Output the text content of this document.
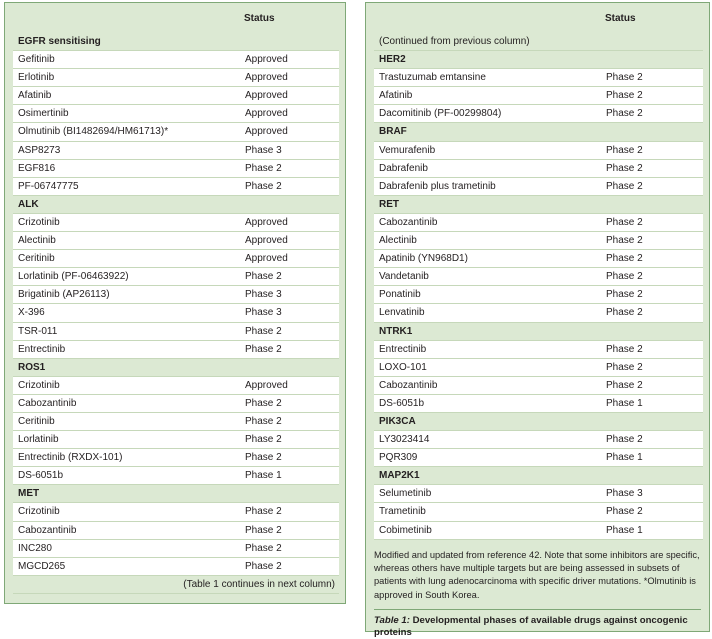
Status
EGFR sensitising
Gefitinib	Approved
Erlotinib	Approved
Afatinib	Approved
Osimertinib	Approved
Olmutinib (BI1482694/HM61713)*	Approved
ASP8273	Phase 3
EGF816	Phase 2
PF-06747775	Phase 2
ALK
Crizotinib	Approved
Alectinib	Approved
Ceritinib	Approved
Lorlatinib (PF-06463922)	Phase 2
Brigatinib (AP26113)	Phase 3
X-396	Phase 3
TSR-011	Phase 2
Entrectinib	Phase 2
ROS1
Crizotinib	Approved
Cabozantinib	Phase 2
Ceritinib	Phase 2
Lorlatinib	Phase 2
Entrectinib (RXDX-101)	Phase 2
DS-6051b	Phase 1
MET
Crizotinib	Phase 2
Cabozantinib	Phase 2
INC280	Phase 2
MGCD265	Phase 2
(Table 1 continues in next column)
Status
(Continued from previous column)
HER2
Trastuzumab emtansine	Phase 2
Afatinib	Phase 2
Dacomitinib (PF-00299804)	Phase 2
BRAF
Vemurafenib	Phase 2
Dabrafenib	Phase 2
Dabrafenib plus trametinib	Phase 2
RET
Cabozantinib	Phase 2
Alectinib	Phase 2
Apatinib (YN968D1)	Phase 2
Vandetanib	Phase 2
Ponatinib	Phase 2
Lenvatinib	Phase 2
NTRK1
Entrectinib	Phase 2
LOXO-101	Phase 2
Cabozantinib	Phase 2
DS-6051b	Phase 1
PIK3CA
LY3023414	Phase 2
PQR309	Phase 1
MAP2K1
Selumetinib	Phase 3
Trametinib	Phase 2
Cobimetinib	Phase 1
Modified and updated from reference 42. Note that some inhibitors are specific, whereas others have multiple targets but are being assessed in subsets of patients with lung adenocarcinoma with specific driver mutations. *Olmutinib is approved in South Korea.
Table 1: Developmental phases of available drugs against oncogenic proteins
